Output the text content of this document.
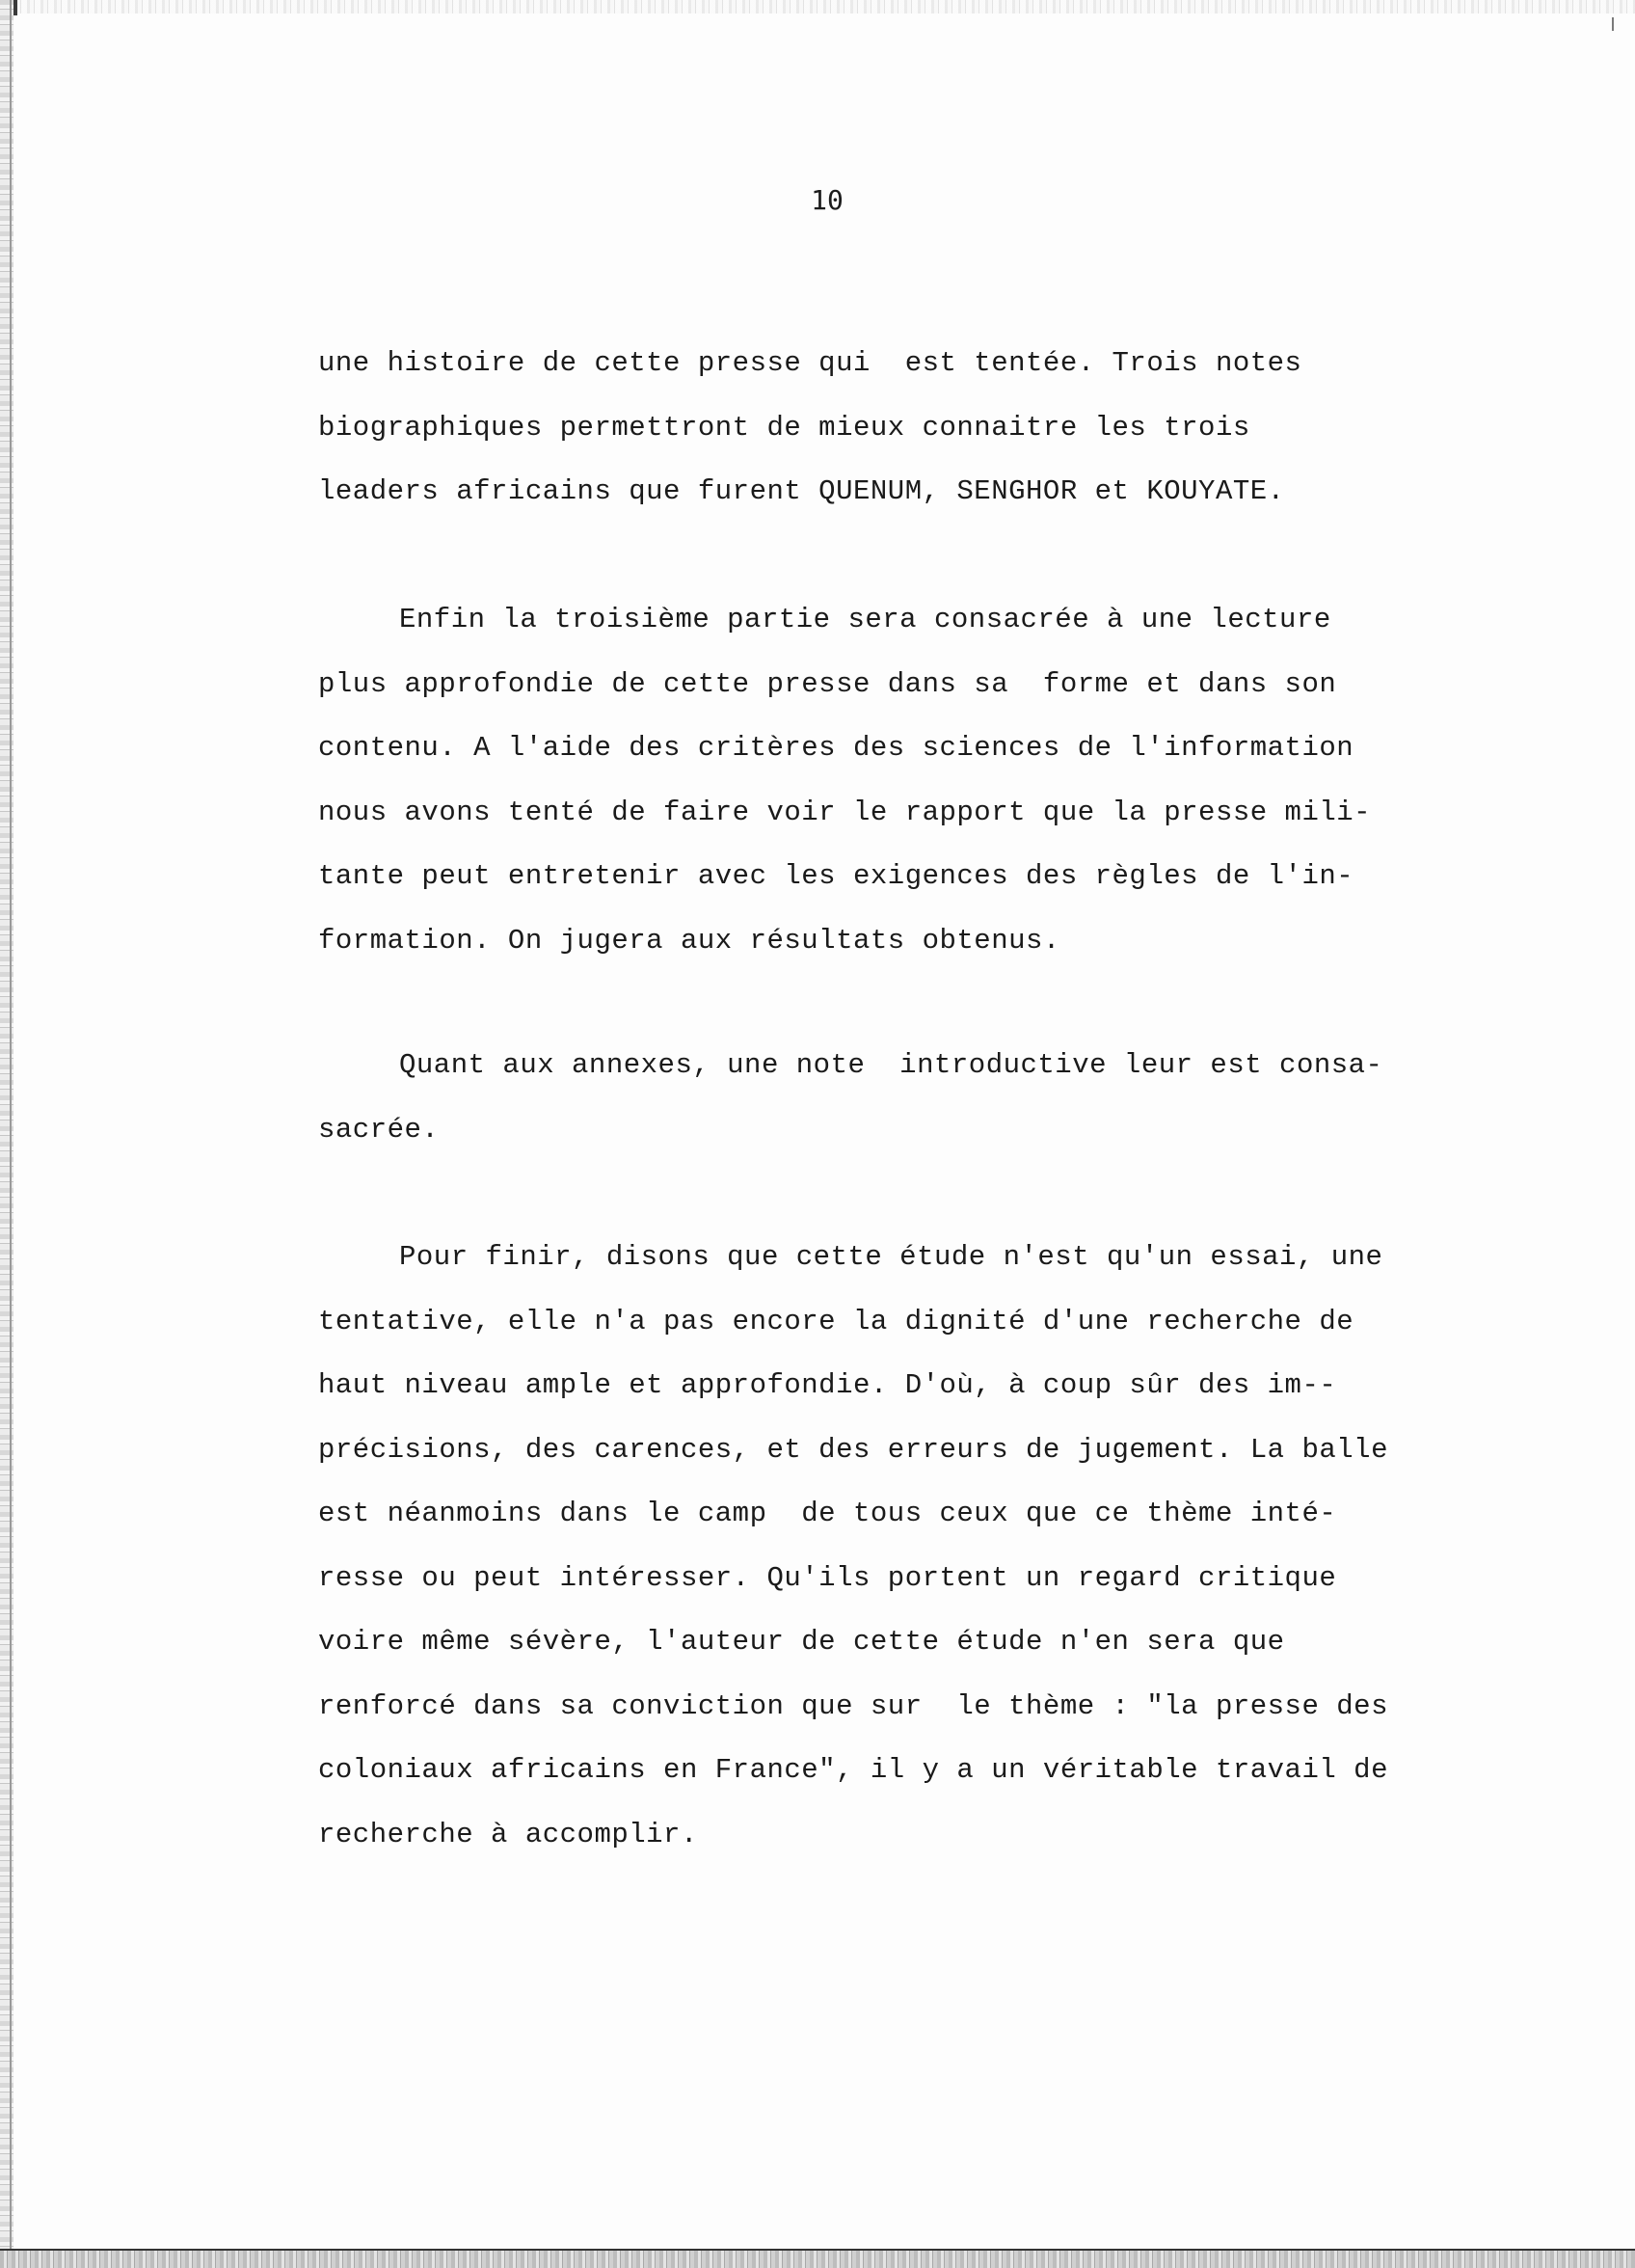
10
une histoire de cette presse qui  est tentée. Trois notes
biographiques permettront de mieux connaitre les trois
leaders africains que furent QUENUM, SENGHOR et KOUYATE.
Enfin la troisième partie sera consacrée à une lecture
plus approfondie de cette presse dans sa  forme et dans son
contenu. A l'aide des critères des sciences de l'information
nous avons tenté de faire voir le rapport que la presse mili-
tante peut entretenir avec les exigences des règles de l'in-
formation. On jugera aux résultats obtenus.
Quant aux annexes, une note  introductive leur est consa-
sacrée.
Pour finir, disons que cette étude n'est qu'un essai, une
tentative, elle n'a pas encore la dignité d'une recherche de
haut niveau ample et approfondie. D'où, à coup sûr des im--
précisions, des carences, et des erreurs de jugement. La balle
est néanmoins dans le camp  de tous ceux que ce thème inté-
resse ou peut intéresser. Qu'ils portent un regard critique
voire même sévère, l'auteur de cette étude n'en sera que
renforcé dans sa conviction que sur  le thème : "la presse des
coloniaux africains en France", il y a un véritable travail de
recherche à accomplir.
